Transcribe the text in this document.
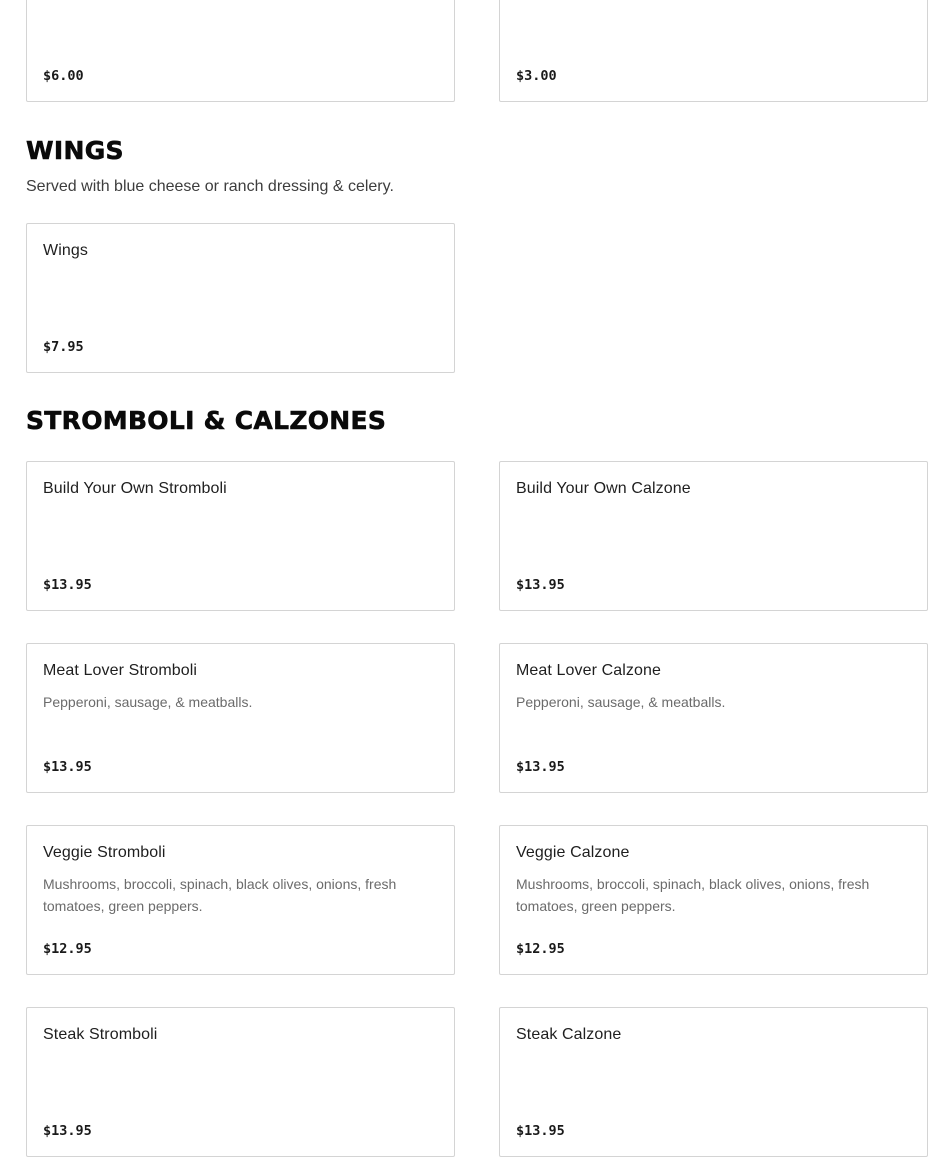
$6.00	$3.00
WINGS
Served with blue cheese or ranch dressing & celery.
Wings
$7.95
STROMBOLI & CALZONES
Build Your Own Stromboli
$13.95
Build Your Own Calzone
$13.95
Meat Lover Stromboli
Pepperoni, sausage, & meatballs.
$13.95
Meat Lover Calzone
Pepperoni, sausage, & meatballs.
$13.95
Veggie Stromboli
Mushrooms, broccoli, spinach, black olives, onions, fresh tomatoes, green peppers.
$12.95
Veggie Calzone
Mushrooms, broccoli, spinach, black olives, onions, fresh tomatoes, green peppers.
$12.95
Steak Stromboli
$13.95
Steak Calzone
$13.95
